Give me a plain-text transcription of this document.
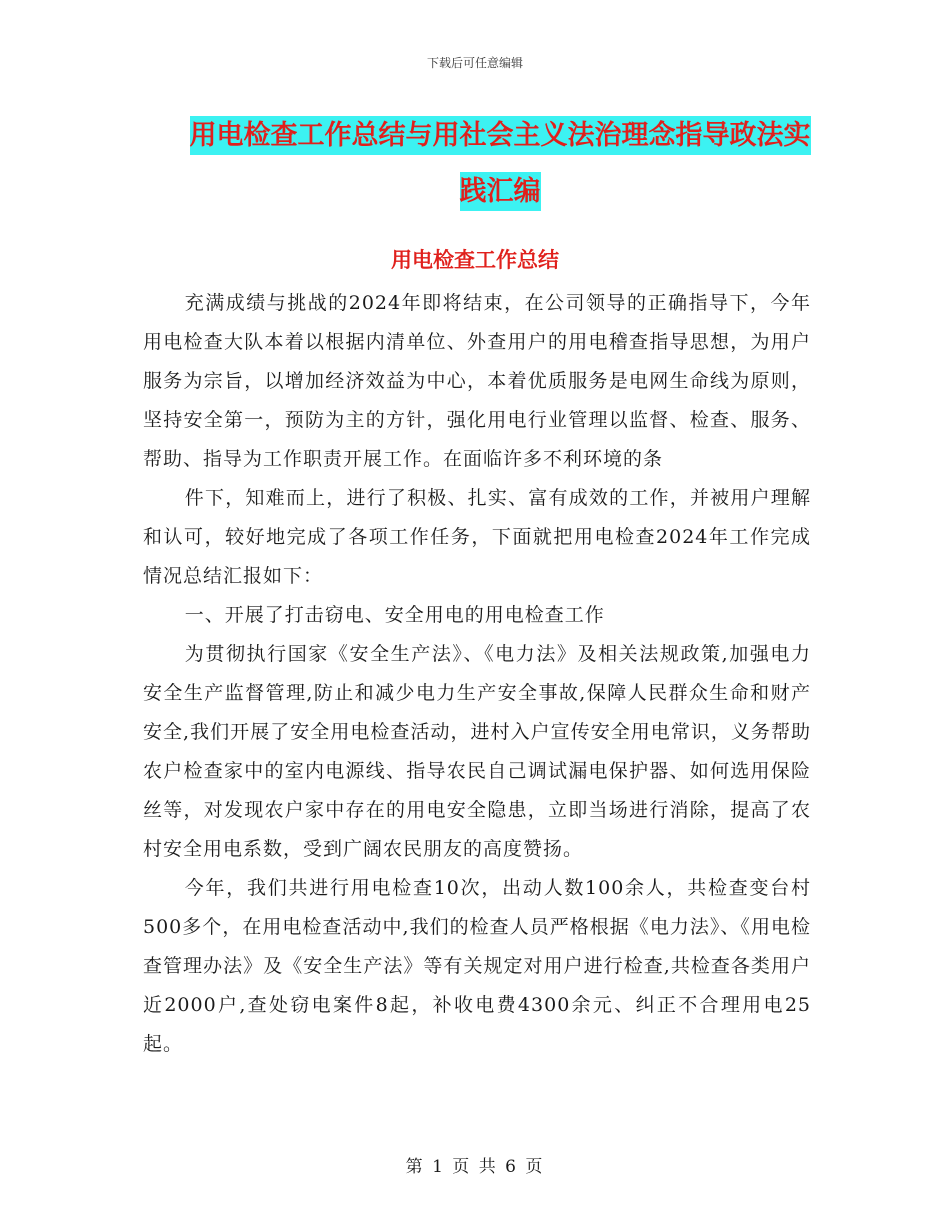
下载后可任意编辑
用电检查工作总结与用社会主义法治理念指导政法实
践汇编
用电检查工作总结

充满成绩与挑战的2024年即将结束，在公司领导的正确指导下，今年用电检查大队本着以根据内清单位、外查用户的用电稽查指导思想，为用户服务为宗旨，以增加经济效益为中心，本着优质服务是电网生命线为原则，坚持安全第一，预防为主的方针，强化用电行业管理以监督、检查、服务、帮助、指导为工作职责开展工作。在面临许多不利环境的条

件下，知难而上，进行了积极、扎实、富有成效的工作，并被用户理解和认可，较好地完成了各项工作任务，下面就把用电检查2024年工作完成情况总结汇报如下：

一、开展了打击窃电、安全用电的用电检查工作

为贯彻执行国家《安全生产法》、《电力法》及相关法规政策,加强电力安全生产监督管理,防止和减少电力生产安全事故,保障人民群众生命和财产安全,我们开展了安全用电检查活动，进村入户宣传安全用电常识，义务帮助农户检查家中的室内电源线、指导农民自己调试漏电保护器、如何选用保险丝等，对发现农户家中存在的用电安全隐患，立即当场进行消除，提高了农村安全用电系数，受到广阔农民朋友的高度赞扬。

今年，我们共进行用电检查10次，出动人数100余人，共检查变台村500多个，在用电检查活动中,我们的检查人员严格根据《电力法》、《用电检查管理办法》及《安全生产法》等有关规定对用户进行检查,共检查各类用户近2000户,查处窃电案件8起，补收电费4300余元、纠正不合理用电25起。

第 1 页 共 6 页
